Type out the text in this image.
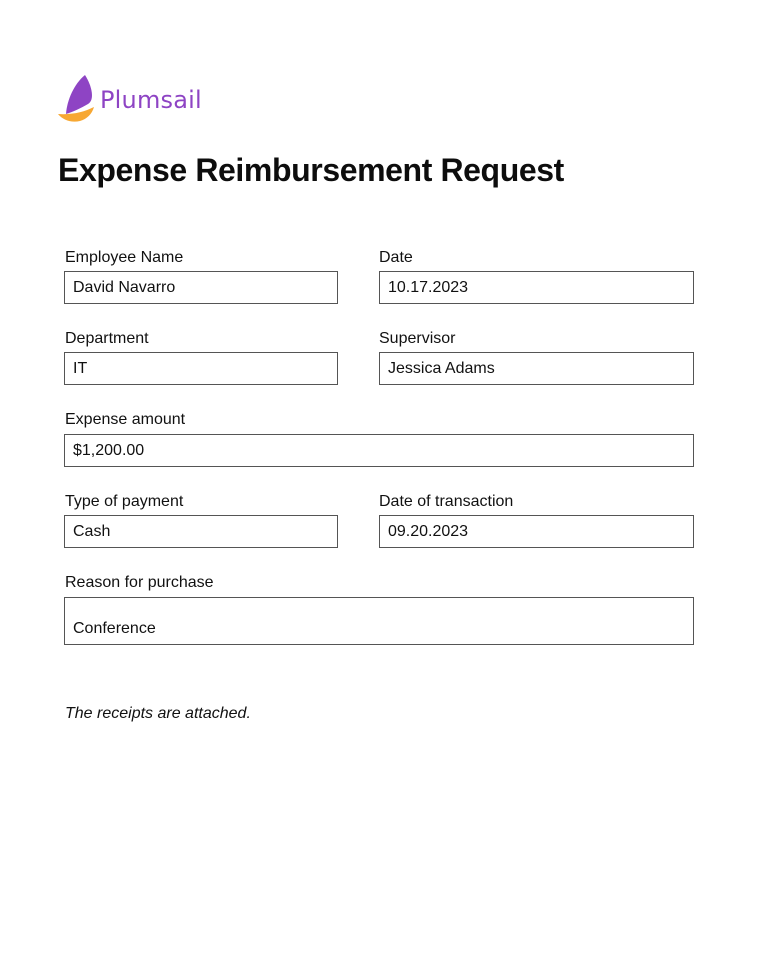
Plumsail
Expense Reimbursement Request
Employee Name
David Navarro
Date
10.17.2023
Department
IT
Supervisor
Jessica Adams
Expense amount
$1,200.00
Type of payment
Cash
Date of transaction
09.20.2023
Reason for purchase
Conference
The receipts are attached.
